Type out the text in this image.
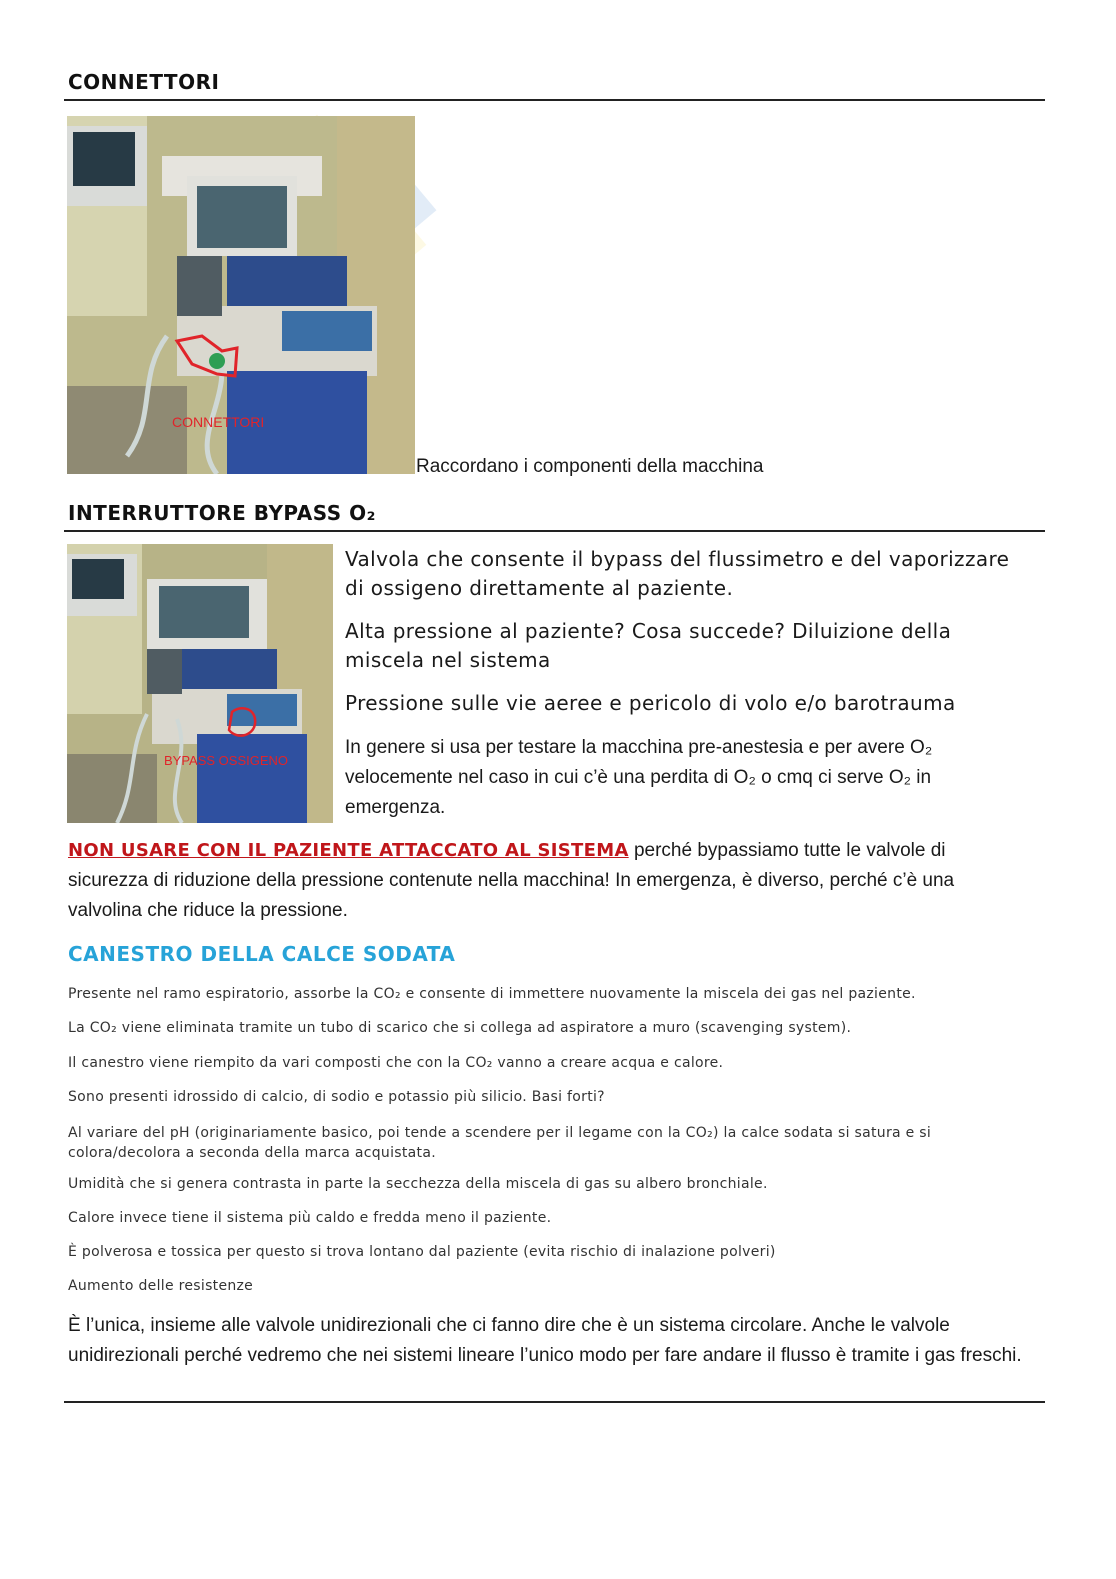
CONNETTORI
CONNETTORI
Raccordano i componenti della macchina
INTERRUTTORE BYPASS O₂
BYPASS OSSIGENO
Valvola che consente il bypass del flussimetro e del vaporizzare di ossigeno direttamente al paziente.
Alta pressione al paziente? Cosa succede? Diluizione della miscela nel sistema
Pressione sulle vie aeree e pericolo di volo e/o barotrauma
In genere si usa per testare la macchina pre-anestesia e per avere O₂ velocemente nel caso in cui c’è una perdita di O₂ o cmq ci serve O₂ in emergenza.
NON USARE CON IL PAZIENTE ATTACCATO AL SISTEMA perché bypassiamo tutte le valvole di sicurezza di riduzione della pressione contenute nella macchina! In emergenza, è diverso, perché c’è una valvolina che riduce la pressione.
CANESTRO DELLA CALCE SODATA
Presente nel ramo espiratorio, assorbe la CO₂ e consente di immettere nuovamente la miscela dei gas nel paziente.
La CO₂ viene eliminata tramite un tubo di scarico che si collega ad aspiratore a muro (scavenging system).
Il canestro viene riempito da vari composti che con la CO₂ vanno a creare acqua e calore.
Sono presenti idrossido di calcio, di sodio e potassio più silicio. Basi forti?
Al variare del pH (originariamente basico, poi tende a scendere per il legame con la CO₂) la calce sodata si satura e si colora/decolora a seconda della marca acquistata.
Umidità che si genera contrasta in parte la secchezza della miscela di gas su albero bronchiale.
Calore invece tiene il sistema più caldo e fredda meno il paziente.
È polverosa e tossica per questo si trova lontano dal paziente (evita rischio di inalazione polveri)
Aumento delle resistenze
È l’unica, insieme alle valvole unidirezionali che ci fanno dire che è un sistema circolare. Anche le valvole unidirezionali perché vedremo che nei sistemi lineare l’unico modo per fare andare il flusso è tramite i gas freschi.
